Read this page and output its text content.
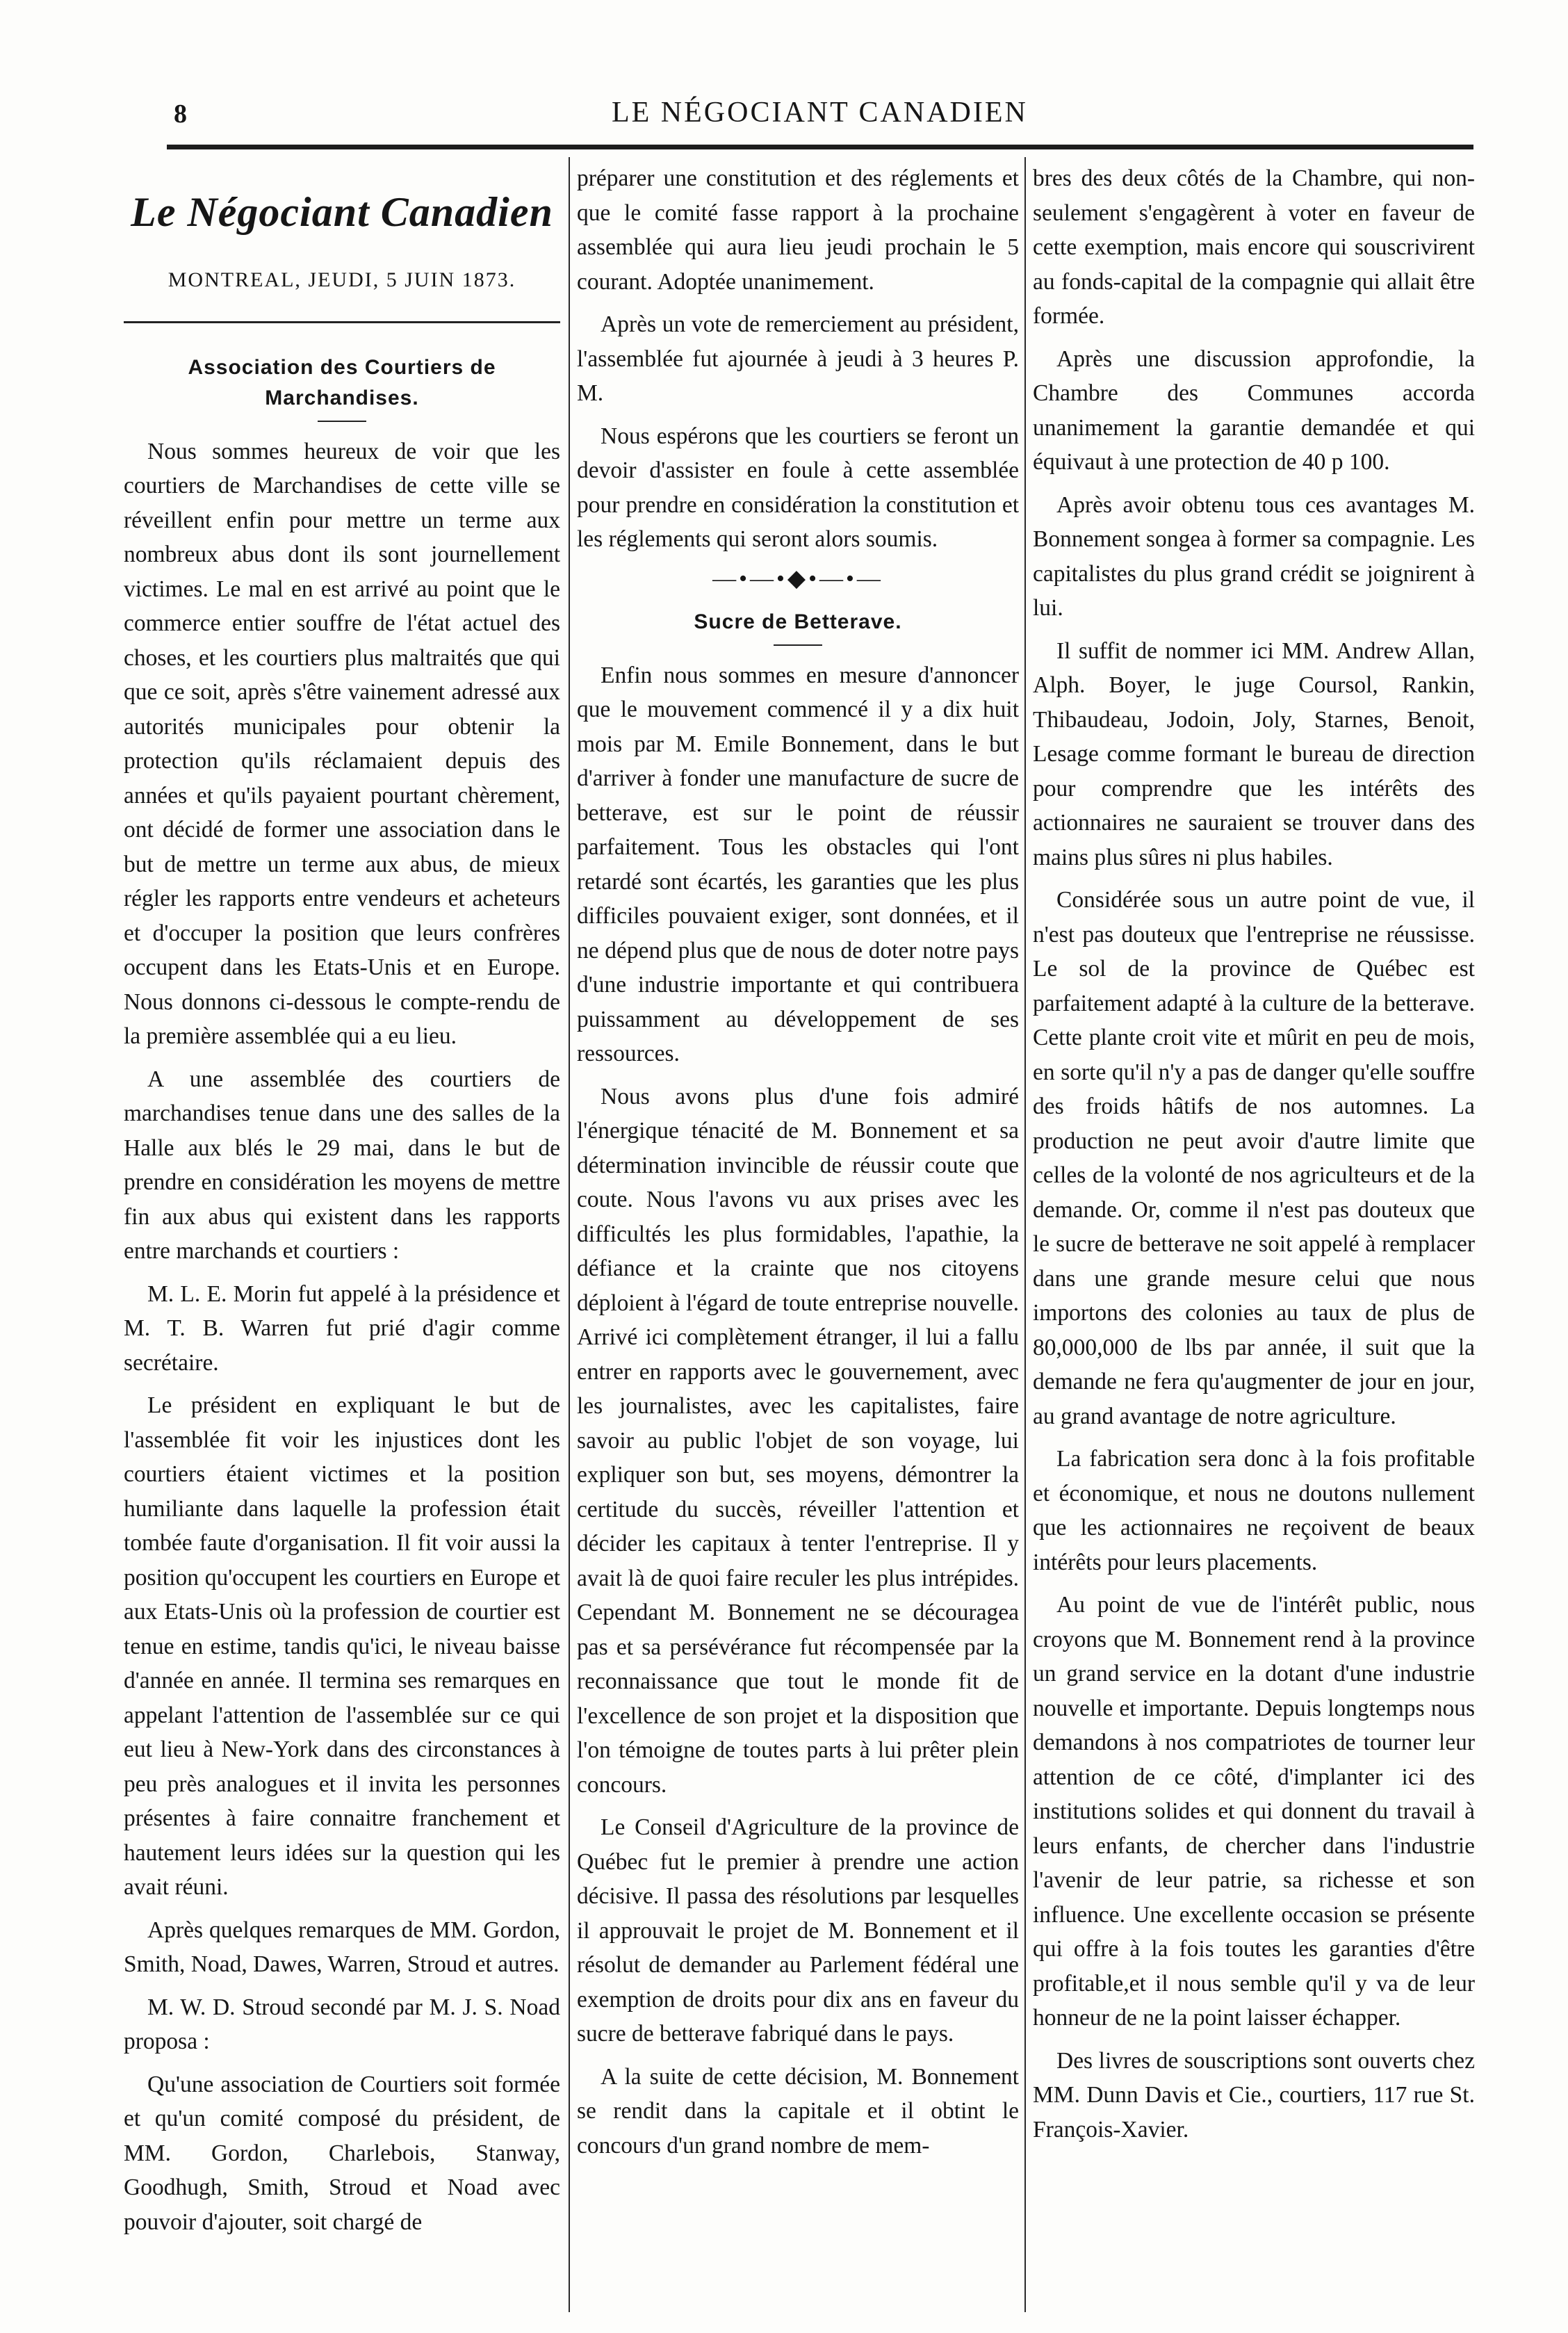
8	LE NÉGOCIANT CANADIEN
Le Négociant Canadien
MONTREAL, JEUDI, 5 JUIN 1873.
Association des Courtiers de Marchandises.

Nous sommes heureux de voir que les courtiers de Marchandises de cette ville se réveillent enfin pour mettre un terme aux nombreux abus dont ils sont journellement victimes. Le mal en est arrivé au point que le commerce entier souffre de l'état actuel des choses, et les courtiers plus maltraités que qui que ce soit, après s'être vainement adressé aux autorités municipales pour obtenir la protection qu'ils réclamaient depuis des années et qu'ils payaient pourtant chèrement, ont décidé de former une association dans le but de mettre un terme aux abus, de mieux régler les rapports entre vendeurs et acheteurs et d'occuper la position que leurs confrères occupent dans les Etats-Unis et en Europe. Nous donnons ci-dessous le compte-rendu de la première assemblée qui a eu lieu.

A une assemblée des courtiers de marchandises tenue dans une des salles de la Halle aux blés le 29 mai, dans le but de prendre en considération les moyens de mettre fin aux abus qui existent dans les rapports entre marchands et courtiers :

M. L. E. Morin fut appelé à la présidence et M. T. B. Warren fut prié d'agir comme secrétaire.

Le président en expliquant le but de l'assemblée fit voir les injustices dont les courtiers étaient victimes et la position humiliante dans laquelle la profession était tombée faute d'organisation. Il fit voir aussi la position qu'occupent les courtiers en Europe et aux Etats-Unis où la profession de courtier est tenue en estime, tandis qu'ici, le niveau baisse d'année en année. Il termina ses remarques en appelant l'attention de l'assemblée sur ce qui eut lieu à New-York dans des circonstances à peu près analogues et il invita les personnes présentes à faire connaitre franchement et hautement leurs idées sur la question qui les avait réuni.

Après quelques remarques de MM. Gordon, Smith, Noad, Dawes, Warren, Stroud et autres.

M. W. D. Stroud secondé par M. J. S. Noad proposa :

Qu'une association de Courtiers soit formée et qu'un comité composé du président, de MM. Gordon, Charlebois, Stanway, Goodhugh, Smith, Stroud et Noad avec pouvoir d'ajouter, soit chargé de

préparer une constitution et des réglements et que le comité fasse rapport à la prochaine assemblée qui aura lieu jeudi prochain le 5 courant. Adoptée unanimement.

Après un vote de remerciement au président, l'assemblée fut ajournée à jeudi à 3 heures P. M.

Nous espérons que les courtiers se feront un devoir d'assister en foule à cette assemblée pour prendre en considération la constitution et les réglements qui seront alors soumis.

—•—•◆•—•—
Sucre de Betterave.

Enfin nous sommes en mesure d'annoncer que le mouvement commencé il y a dix huit mois par M. Emile Bonnement, dans le but d'arriver à fonder une manufacture de sucre de betterave, est sur le point de réussir parfaitement. Tous les obstacles qui l'ont retardé sont écartés, les garanties que les plus difficiles pouvaient exiger, sont données, et il ne dépend plus que de nous de doter notre pays d'une industrie importante et qui contribuera puissamment au développement de ses ressources.

Nous avons plus d'une fois admiré l'énergique ténacité de M. Bonnement et sa détermination invincible de réussir coute que coute. Nous l'avons vu aux prises avec les difficultés les plus formidables, l'apathie, la défiance et la crainte que nos citoyens déploient à l'égard de toute entreprise nouvelle. Arrivé ici complètement étranger, il lui a fallu entrer en rapports avec le gouvernement, avec les journalistes, avec les capitalistes, faire savoir au public l'objet de son voyage, lui expliquer son but, ses moyens, démontrer la certitude du succès, réveiller l'attention et décider les capitaux à tenter l'entreprise. Il y avait là de quoi faire reculer les plus intrépides. Cependant M. Bonnement ne se découragea pas et sa persévérance fut récompensée par la reconnaissance que tout le monde fit de l'excellence de son projet et la disposition que l'on témoigne de toutes parts à lui prêter plein concours.

Le Conseil d'Agriculture de la province de Québec fut le premier à prendre une action décisive. Il passa des résolutions par lesquelles il approuvait le projet de M. Bonnement et il résolut de demander au Parlement fédéral une exemption de droits pour dix ans en faveur du sucre de betterave fabriqué dans le pays.

A la suite de cette décision, M. Bonnement se rendit dans la capitale et il obtint le concours d'un grand nombre de mem-

bres des deux côtés de la Chambre, qui non-seulement s'engagèrent à voter en faveur de cette exemption, mais encore qui souscrivirent au fonds-capital de la compagnie qui allait être formée.

Après une discussion approfondie, la Chambre des Communes accorda unanimement la garantie demandée et qui équivaut à une protection de 40 p 100.

Après avoir obtenu tous ces avantages M. Bonnement songea à former sa compagnie. Les capitalistes du plus grand crédit se joignirent à lui.

Il suffit de nommer ici MM. Andrew Allan, Alph. Boyer, le juge Coursol, Rankin, Thibaudeau, Jodoin, Joly, Starnes, Benoit, Lesage comme formant le bureau de direction pour comprendre que les intérêts des actionnaires ne sauraient se trouver dans des mains plus sûres ni plus habiles.

Considérée sous un autre point de vue, il n'est pas douteux que l'entreprise ne réussisse. Le sol de la province de Québec est parfaitement adapté à la culture de la betterave. Cette plante croit vite et mûrit en peu de mois, en sorte qu'il n'y a pas de danger qu'elle souffre des froids hâtifs de nos automnes. La production ne peut avoir d'autre limite que celles de la volonté de nos agriculteurs et de la demande. Or, comme il n'est pas douteux que le sucre de betterave ne soit appelé à remplacer dans une grande mesure celui que nous importons des colonies au taux de plus de 80,000,000 de lbs par année, il suit que la demande ne fera qu'augmenter de jour en jour, au grand avantage de notre agriculture.

La fabrication sera donc à la fois profitable et économique, et nous ne doutons nullement que les actionnaires ne reçoivent de beaux intérêts pour leurs placements.

Au point de vue de l'intérêt public, nous croyons que M. Bonnement rend à la province un grand service en la dotant d'une industrie nouvelle et importante. Depuis longtemps nous demandons à nos compatriotes de tourner leur attention de ce côté, d'implanter ici des institutions solides et qui donnent du travail à leurs enfants, de chercher dans l'industrie l'avenir de leur patrie, sa richesse et son influence. Une excellente occasion se présente qui offre à la fois toutes les garanties d'être profitable,et il nous semble qu'il y va de leur honneur de ne la point laisser échapper.

Des livres de souscriptions sont ouverts chez MM. Dunn Davis et Cie., courtiers, 117 rue St. François-Xavier.
